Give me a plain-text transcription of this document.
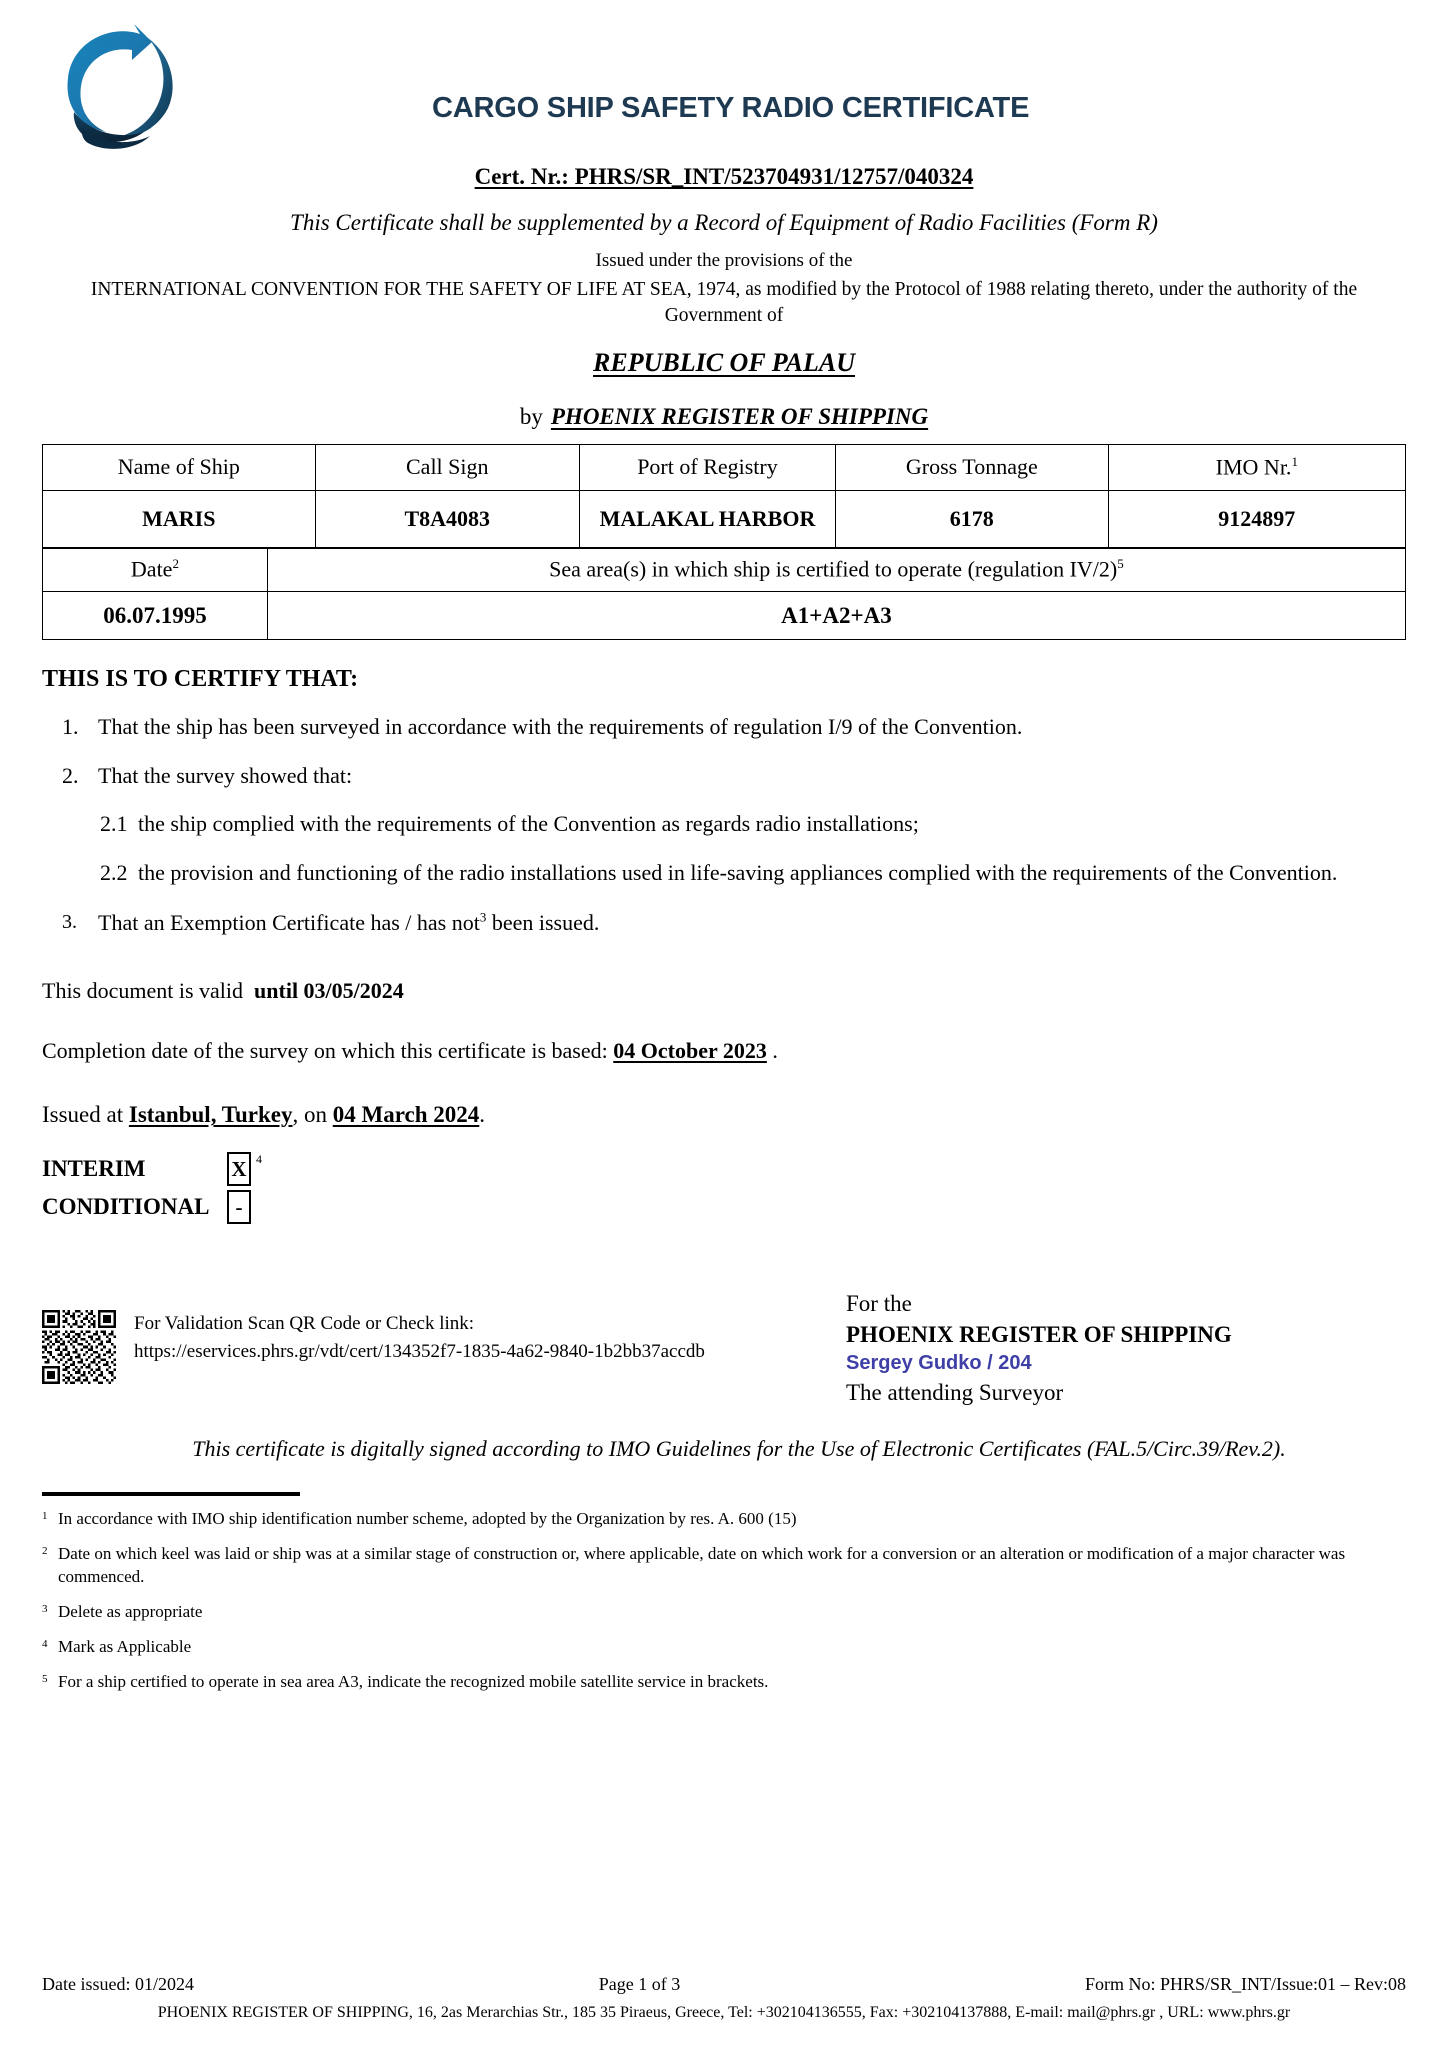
CARGO SHIP SAFETY RADIO CERTIFICATE
Cert. Nr.: PHRS/SR_INT/523704931/12757/040324
This Certificate shall be supplemented by a Record of Equipment of Radio Facilities (Form R)
Issued under the provisions of the
INTERNATIONAL CONVENTION FOR THE SAFETY OF LIFE AT SEA, 1974, as modified by the Protocol of 1988 relating thereto, under the authority of the Government of
REPUBLIC OF PALAU
by PHOENIX REGISTER OF SHIPPING
Name of Ship	Call Sign	Port of Registry	Gross Tonnage	IMO Nr.$^1$
MARIS	T8A4083	MALAKAL HARBOR	6178	9124897
Date$^2$	Sea area(s) in which ship is certified to operate (regulation IV/2)$^5$
06.07.1995	A1+A2+A3
THIS IS TO CERTIFY THAT:
1. That the ship has been surveyed in accordance with the requirements of regulation I/9 of the Convention.
2. That the survey showed that:
2.1 the ship complied with the requirements of the Convention as regards radio installations;
2.2 the provision and functioning of the radio installations used in life-saving appliances complied with the requirements of the Convention.
3. That an Exemption Certificate has / has not$^3$ been issued.
This document is valid until 03/05/2024
Completion date of the survey on which this certificate is based: 04 October 2023 .
Issued at Istanbul, Turkey, on 04 March 2024.
INTERIM	X 4
CONDITIONAL	-
For Validation Scan QR Code or Check link:
https://eservices.phrs.gr/vdt/cert/134352f7-1835-4a62-9840-1b2bb37accdb
For the
PHOENIX REGISTER OF SHIPPING
Sergey Gudko / 204
The attending Surveyor
This certificate is digitally signed according to IMO Guidelines for the Use of Electronic Certificates (FAL.5/Circ.39/Rev.2).
1 In accordance with IMO ship identification number scheme, adopted by the Organization by res. A. 600 (15)
2 Date on which keel was laid or ship was at a similar stage of construction or, where applicable, date on which work for a conversion or an alteration or modification of a major character was commenced.
3 Delete as appropriate
4 Mark as Applicable
5 For a ship certified to operate in sea area A3, indicate the recognized mobile satellite service in brackets.
Date issued: 01/2024	Page 1 of 3	Form No: PHRS/SR_INT/Issue:01 – Rev:08
PHOENIX REGISTER OF SHIPPING, 16, 2as Merarchias Str., 185 35 Piraeus, Greece, Tel: +302104136555, Fax: +302104137888, E-mail: mail@phrs.gr , URL: www.phrs.gr
